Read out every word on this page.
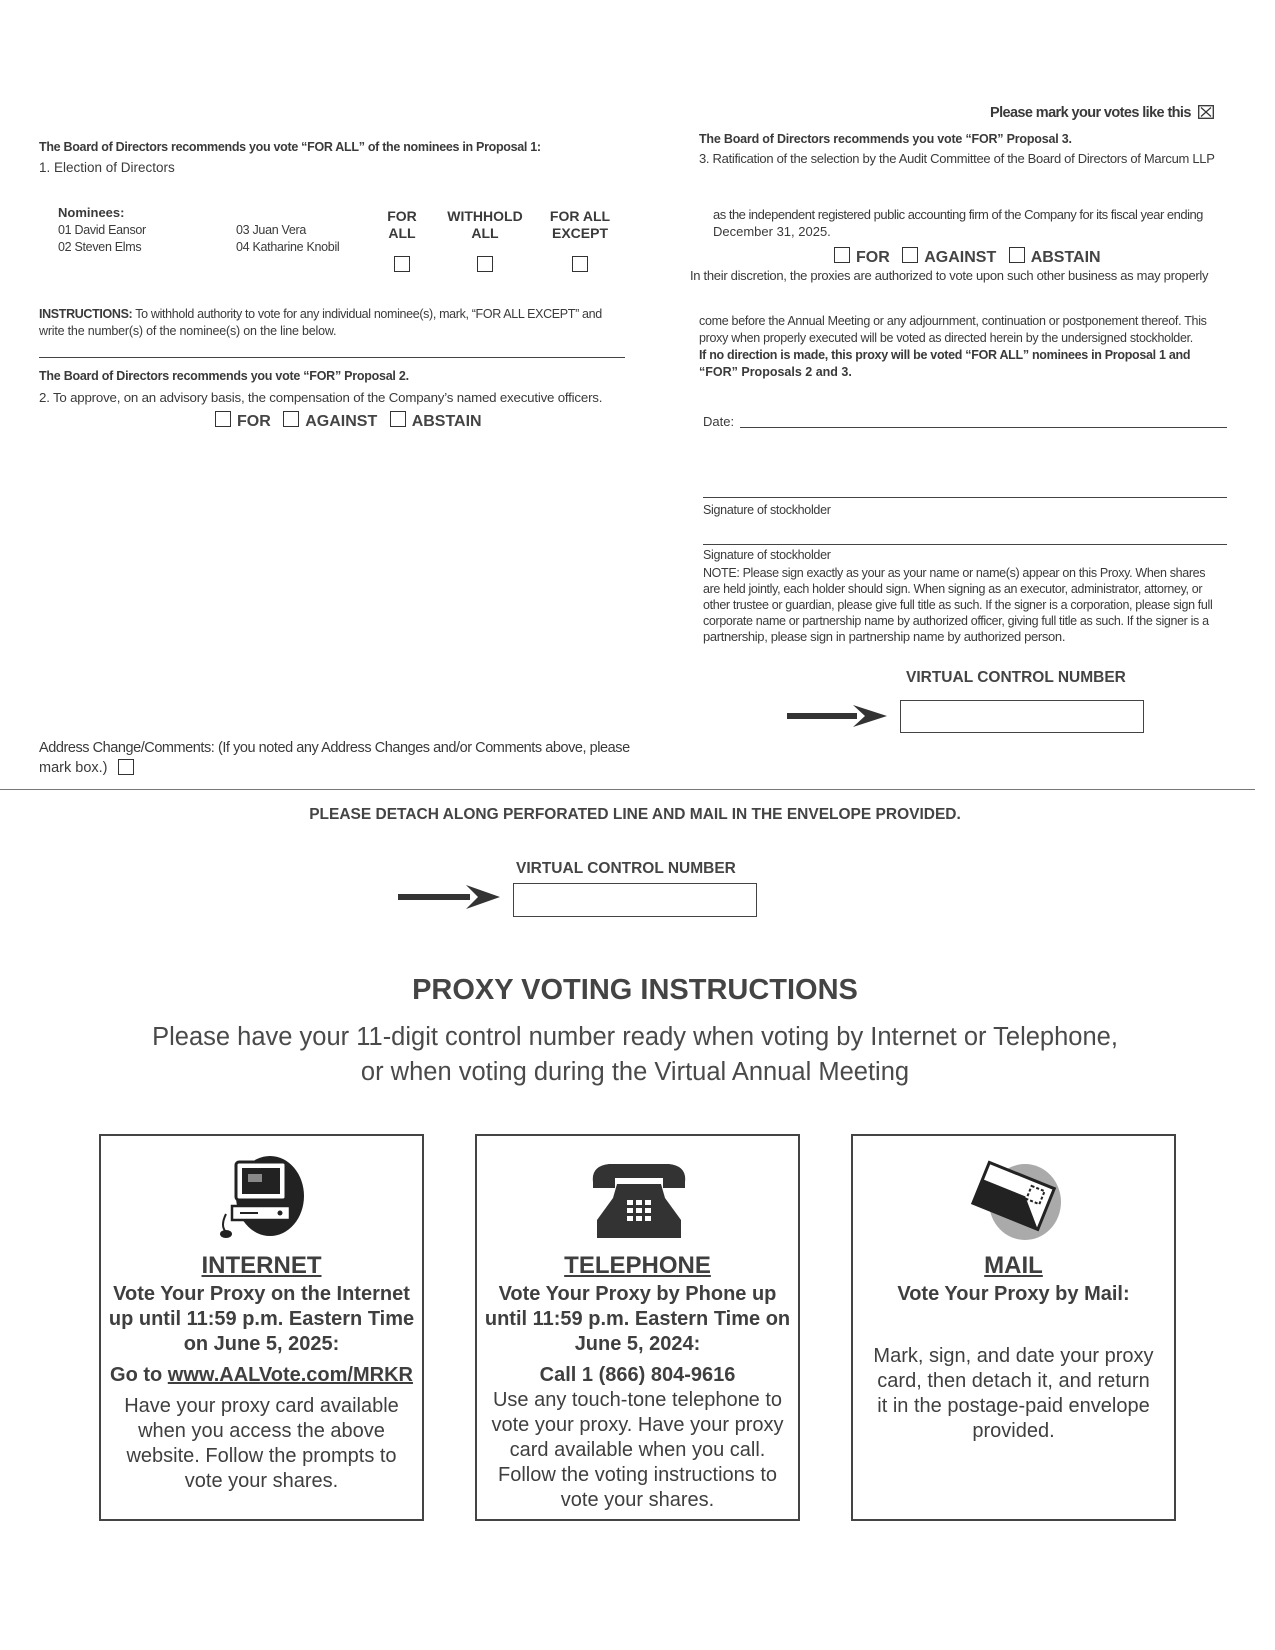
Please mark your votes like this
The Board of Directors recommends you vote “FOR ALL” of the nominees in Proposal 1:
1. Election of Directors
Nominees:
01 David Eansor
02 Steven Elms
03 Juan Vera
04 Katharine Knobil
FOR
ALL
WITHHOLD
ALL
FOR ALL
EXCEPT
INSTRUCTIONS: To withhold authority to vote for any individual nominee(s), mark, “FOR ALL EXCEPT” and
write the number(s) of the nominee(s) on the line below.
The Board of Directors recommends you vote “FOR” Proposal 2.
2. To approve, on an advisory basis, the compensation of the Company’s named executive officers.
FOR AGAINST ABSTAIN
The Board of Directors recommends you vote “FOR” Proposal 3.
3. Ratification of the selection by the Audit Committee of the Board of Directors of Marcum LLP
as the independent registered public accounting firm of the Company for its fiscal year ending
December 31, 2025.
FOR AGAINST ABSTAIN
In their discretion, the proxies are authorized to vote upon such other business as may properly
come before the Annual Meeting or any adjournment, continuation or postponement thereof. This
proxy when properly executed will be voted as directed herein by the undersigned stockholder.
If no direction is made, this proxy will be voted “FOR ALL” nominees in Proposal 1 and
“FOR” Proposals 2 and 3.
Date:
Signature of stockholder
Signature of stockholder
NOTE: Please sign exactly as your as your name or name(s) appear on this Proxy. When shares
are held jointly, each holder should sign. When signing as an executor, administrator, attorney, or
other trustee or guardian, please give full title as such. If the signer is a corporation, please sign full
corporate name or partnership name by authorized officer, giving full title as such. If the signer is a
partnership, please sign in partnership name by authorized person.
VIRTUAL CONTROL NUMBER
Address Change/Comments: (If you noted any Address Changes and/or Comments above, please
mark box.)
PLEASE DETACH ALONG PERFORATED LINE AND MAIL IN THE ENVELOPE PROVIDED.
VIRTUAL CONTROL NUMBER
PROXY VOTING INSTRUCTIONS
Please have your 11-digit control number ready when voting by Internet or Telephone,
or when voting during the Virtual Annual Meeting
INTERNET
Vote Your Proxy on the Internet
up until 11:59 p.m. Eastern Time
on June 5, 2025:
Go to www.AALVote.com/MRKR
Have your proxy card available
when you access the above
website. Follow the prompts to
vote your shares.
TELEPHONE
Vote Your Proxy by Phone up
until 11:59 p.m. Eastern Time on
June 5, 2024:
Call 1 (866) 804-9616
Use any touch-tone telephone to
vote your proxy. Have your proxy
card available when you call.
Follow the voting instructions to
vote your shares.
MAIL
Vote Your Proxy by Mail:
Mark, sign, and date your proxy
card, then detach it, and return
it in the postage-paid envelope
provided.
